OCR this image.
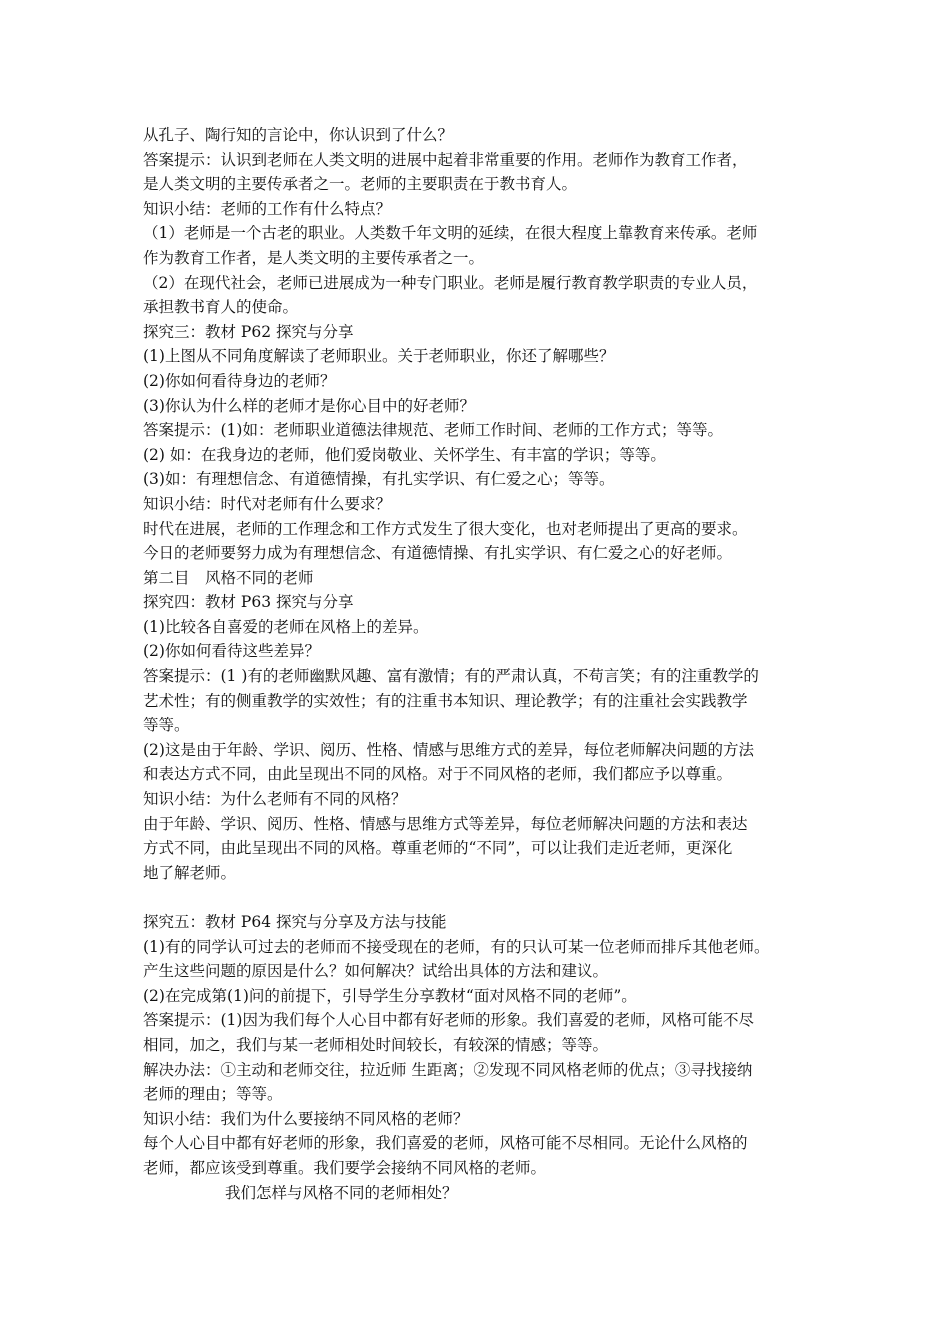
从孔子、陶行知的言论中，你认识到了什么？
答案提示：认识到老师在人类文明的进展中起着非常重要的作用。老师作为教育工作者，
是人类文明的主要传承者之一。老师的主要职责在于教书育人。
知识小结：老师的工作有什么特点？
（1）老师是一个古老的职业。人类数千年文明的延续，在很大程度上靠教育来传承。老师
作为教育工作者，是人类文明的主要传承者之一。
（2）在现代社会，老师已进展成为一种专门职业。老师是履行教育教学职责的专业人员，
承担教书育人的使命。
探究三：教材 P62 探究与分享
(1)上图从不同角度解读了老师职业。关于老师职业，你还了解哪些？
(2)你如何看待身边的老师？
(3)你认为什么样的老师才是你心目中的好老师？
答案提示：(1)如：老师职业道德法律规范、老师工作时间、老师的工作方式；等等。
(2) 如：在我身边的老师，他们爱岗敬业、关怀学生、有丰富的学识；等等。
(3)如：有理想信念、有道德情操，有扎实学识、有仁爱之心；等等。
知识小结：时代对老师有什么要求？
时代在进展，老师的工作理念和工作方式发生了很大变化，也对老师提出了更高的要求。
今日的老师要努力成为有理想信念、有道德情操、有扎实学识、有仁爱之心的好老师。
第二目　风格不同的老师
探究四：教材 P63 探究与分享
(1)比较各自喜爱的老师在风格上的差异。
(2)你如何看待这些差异？
答案提示：(1 )有的老师幽默风趣、富有激情；有的严肃认真，不苟言笑；有的注重教学的
艺术性；有的侧重教学的实效性；有的注重书本知识、理论教学；有的注重社会实践教学
等等。
(2)这是由于年龄、学识、阅历、性格、情感与思维方式的差异，每位老师解决问题的方法
和表达方式不同，由此呈现出不同的风格。对于不同风格的老师，我们都应予以尊重。
知识小结：为什么老师有不同的风格？
由于年龄、学识、阅历、性格、情感与思维方式等差异，每位老师解决问题的方法和表达
方式不同，由此呈现出不同的风格。尊重老师的“不同”，可以让我们走近老师，更深化
地了解老师。
探究五：教材 P64 探究与分享及方法与技能
(1)有的同学认可过去的老师而不接受现在的老师，有的只认可某一位老师而排斥其他老师。
产生这些问题的原因是什么？如何解决？试给出具体的方法和建议。
(2)在完成第(1)问的前提下，引导学生分享教材“面对风格不同的老师”。
答案提示：(1)因为我们每个人心目中都有好老师的形象。我们喜爱的老师，风格可能不尽
相同，加之，我们与某一老师相处时间较长，有较深的情感；等等。
解决办法：①主动和老师交往，拉近师 生距离；②发现不同风格老师的优点；③寻找接纳
老师的理由；等等。
知识小结：我们为什么要接纳不同风格的老师？
每个人心目中都有好老师的形象，我们喜爱的老师，风格可能不尽相同。无论什么风格的
老师，都应该受到尊重。我们要学会接纳不同风格的老师。
我们怎样与风格不同的老师相处？
